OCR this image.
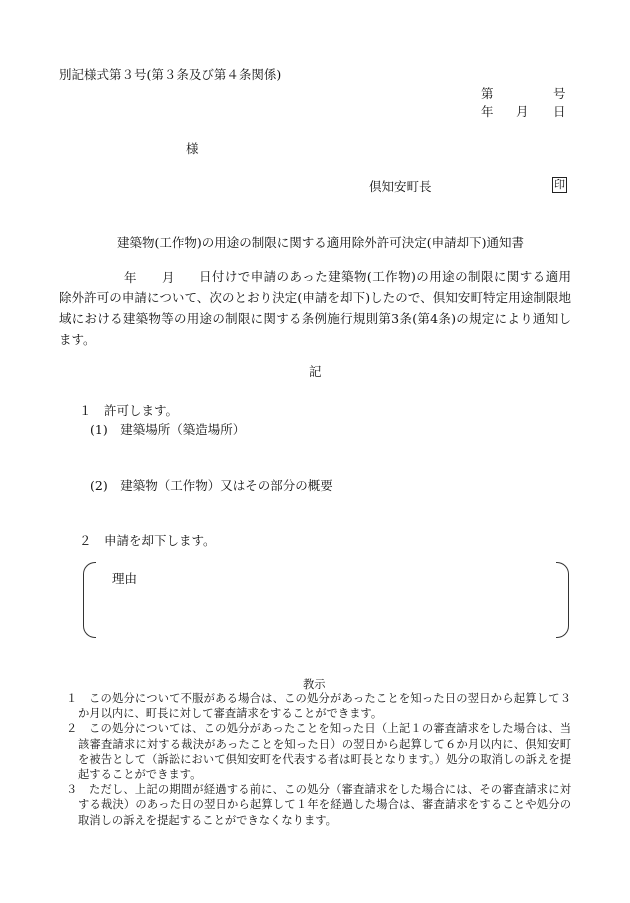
別記様式第３号(第３条及び第４条関係)
第	号
年 月 日
様
倶知安町長	印
建築物(工作物)の用途の制限に関する適用除外許可決定(申請却下)通知書
年 月	日付けで申請のあった建築物(工作物)の用途の制限に関する適用除外許可の申請について、次のとおり決定(申請を却下)したので、倶知安町特定用途制限地域における建築物等の用途の制限に関する条例施行規則第3条(第4条)の規定により通知します。
記
１　許可します。
(1)　建築場所（築造場所）
(2)　建築物（工作物）又はその部分の概要
２　申請を却下します。
理由
教示
１　この処分について不服がある場合は、この処分があったことを知った日の翌日から起算して３か月以内に、町長に対して審査請求をすることができます。
２　この処分については、この処分があったことを知った日（上記１の審査請求をした場合は、当該審査請求に対する裁決があったことを知った日）の翌日から起算して６か月以内に、倶知安町を被告として（訴訟において倶知安町を代表する者は町長となります。）処分の取消しの訴えを提起することができます。
３　ただし、上記の期間が経過する前に、この処分（審査請求をした場合には、その審査請求に対する裁決）のあった日の翌日から起算して１年を経過した場合は、審査請求をすることや処分の取消しの訴えを提起することができなくなります。
